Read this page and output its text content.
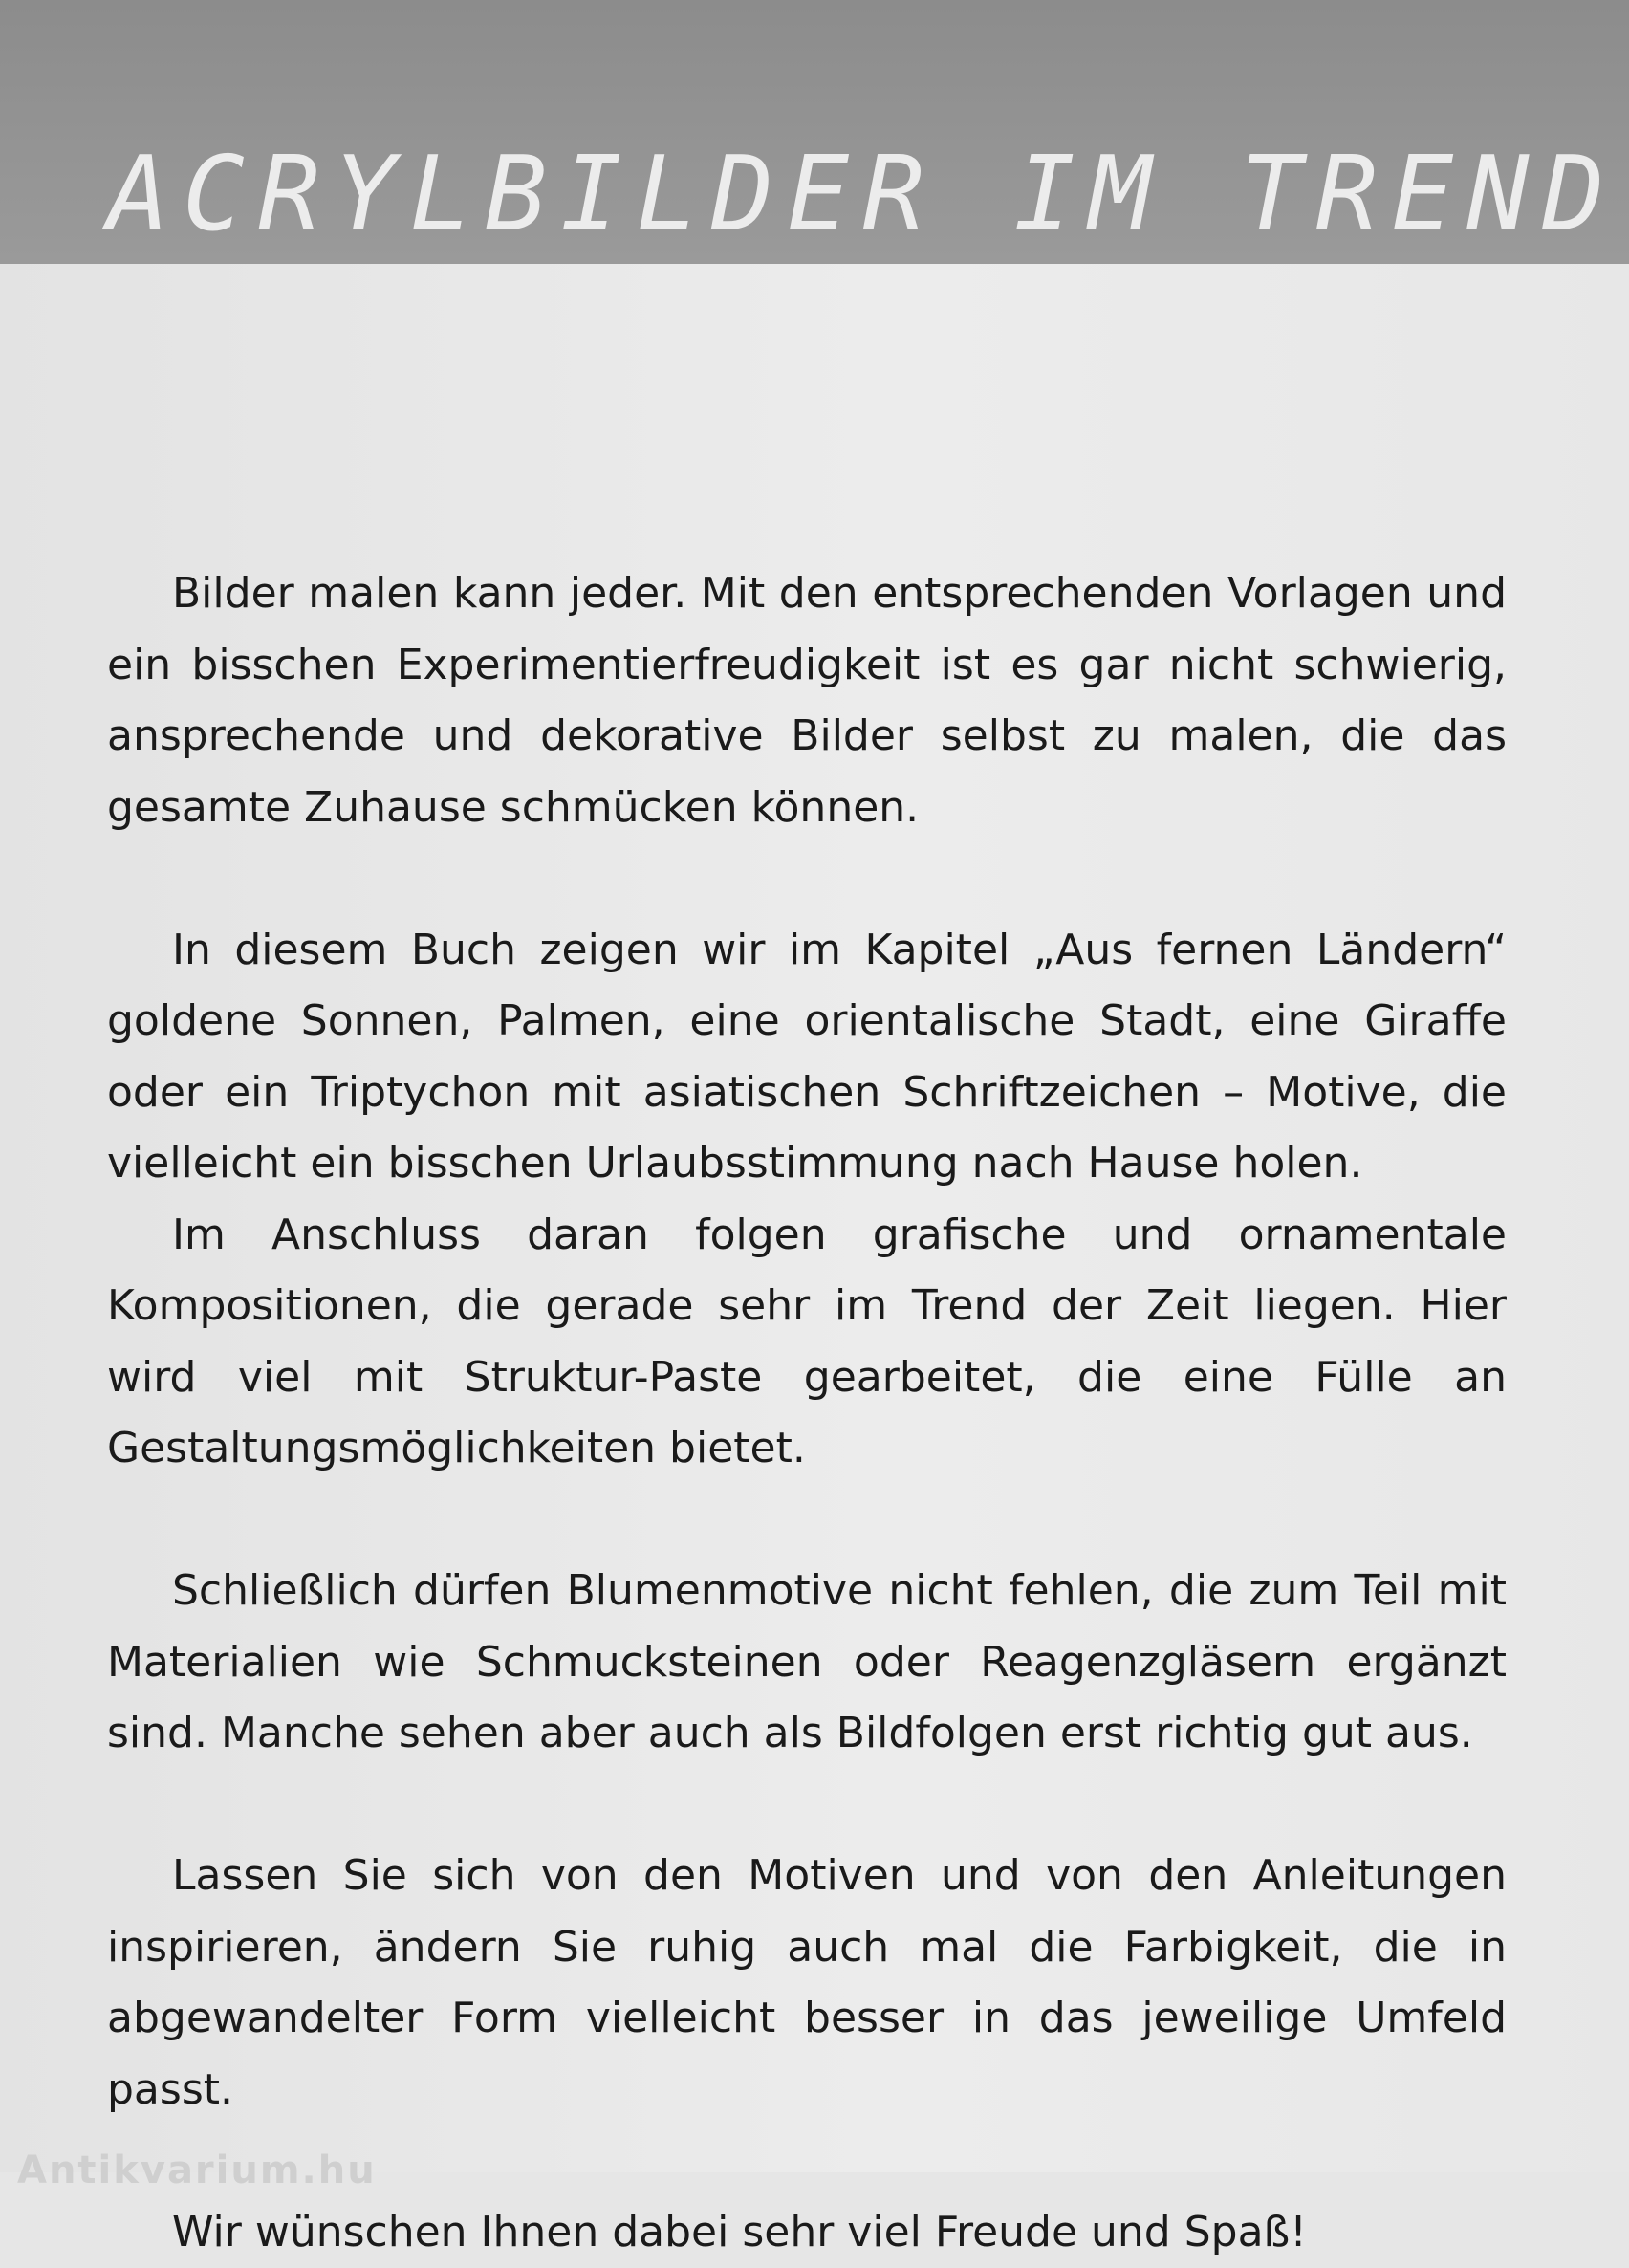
ACRYLBILDER IM TREND

Bilder malen kann jeder. Mit den entsprechenden Vorlagen und ein bisschen Experimentierfreudigkeit ist es gar nicht schwierig, ansprechende und dekorative Bilder selbst zu malen, die das gesamte Zuhause schmücken können.

In diesem Buch zeigen wir im Kapitel „Aus fernen Ländern“ goldene Sonnen, Palmen, eine orientalische Stadt, eine Giraffe oder ein Triptychon mit asiatischen Schriftzeichen – Motive, die vielleicht ein bisschen Urlaubsstimmung nach Hause holen.

Im Anschluss daran folgen grafische und ornamentale Kompositionen, die gerade sehr im Trend der Zeit liegen. Hier wird viel mit Struktur-Paste gearbeitet, die eine Fülle an Gestaltungsmöglichkeiten bietet.

Schließlich dürfen Blumenmotive nicht fehlen, die zum Teil mit Materialien wie Schmucksteinen oder Reagenzgläsern ergänzt sind. Manche sehen aber auch als Bildfolgen erst richtig gut aus.

Lassen Sie sich von den Motiven und von den Anleitungen inspirieren, ändern Sie ruhig auch mal die Farbigkeit, die in abgewandelter Form vielleicht besser in das jeweilige Umfeld passt.

Wir wünschen Ihnen dabei sehr viel Freude und Spaß!

Antikvarium.hu
